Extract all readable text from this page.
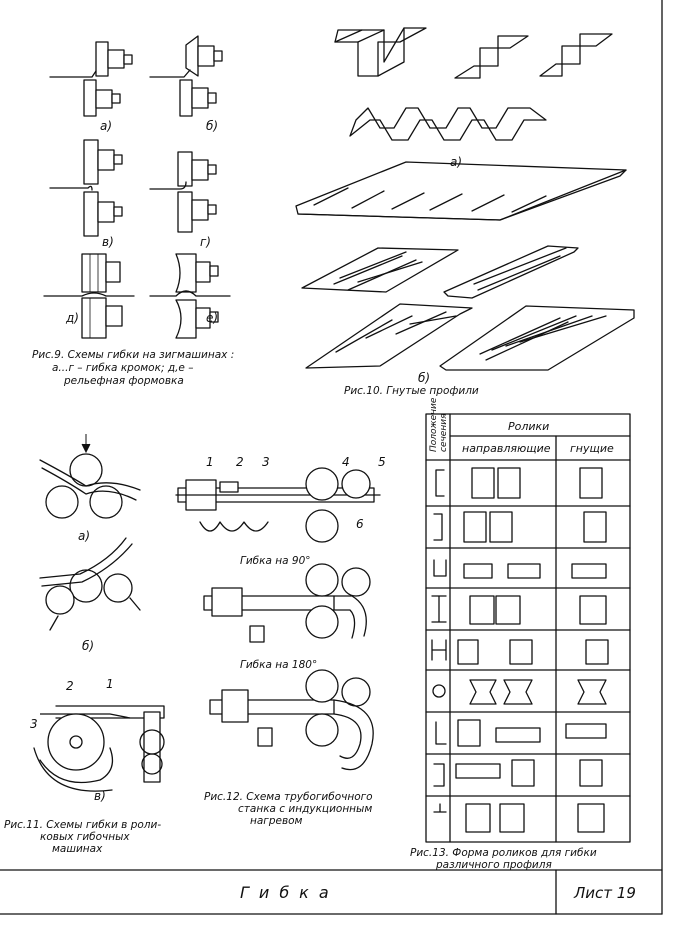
Гибка	Лист 19
а)	б)
в)	г)
д)	е)
Рис.9. Схемы гибки на зигмашинах :
а...г – гибка кромок; д,е –
рельефная формовка
а)
б)
Рис.10. Гнутые профили
а)
б)
в)
1
2
3
Рис.11. Схемы гибки в роли-
ковых гибочных
машинах
1 2 3	4 5
6
Гибка на 90°
Гибка на 180°
Рис.12. Схема трубогибочного
станка с индукционным
нагревом
Положение сечения	Ролики
направляющие гнущие
Рис.13. Форма роликов для гибки
различного профиля
